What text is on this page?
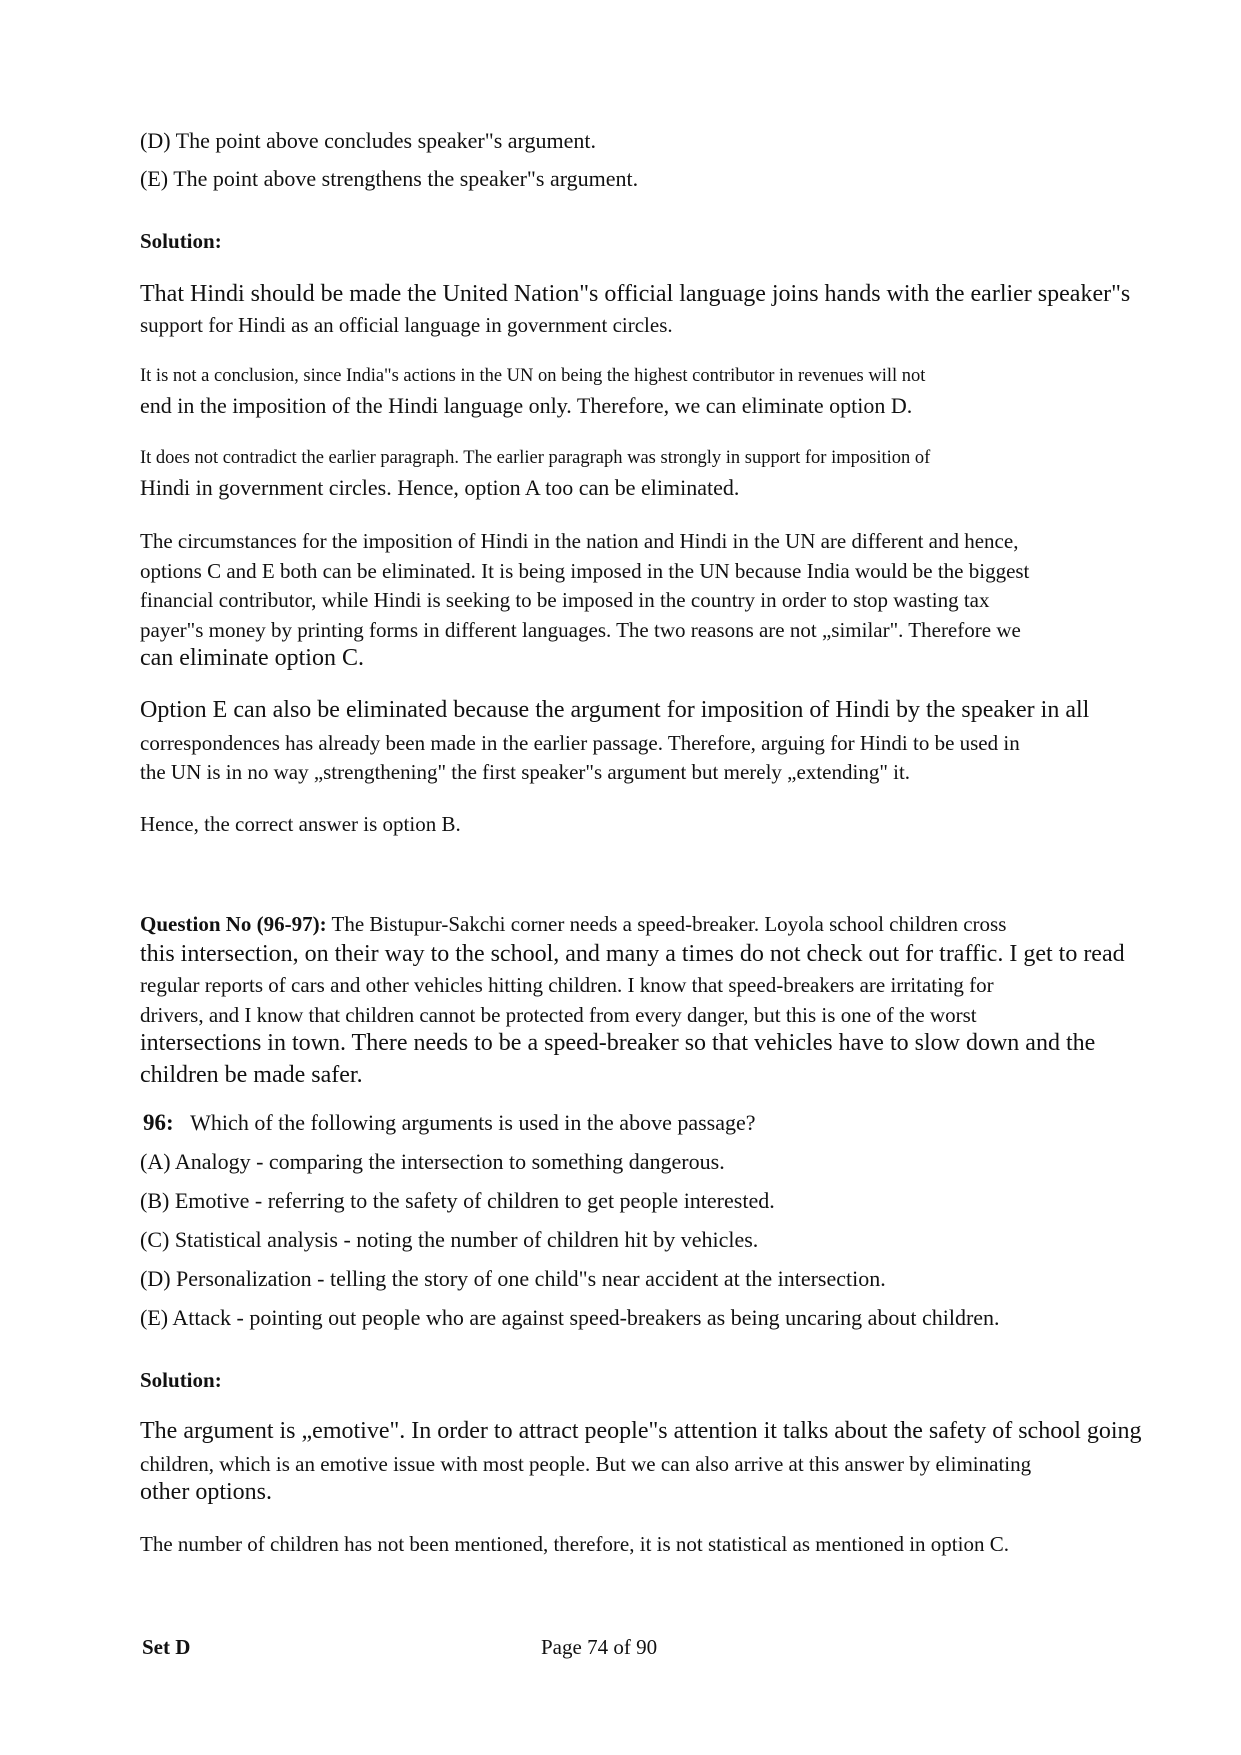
(D) The point above concludes speaker"s argument.
(E) The point above strengthens the speaker"s argument.
Solution:
That Hindi should be made the United Nation"s official language joins hands with the earlier speaker"s
support for Hindi as an official language in government circles.
It is not a conclusion, since India"s actions in the UN on being the highest contributor in revenues will not
end in the imposition of the Hindi language only. Therefore, we can eliminate option D.
It does not contradict the earlier paragraph. The earlier paragraph was strongly in support for imposition of
Hindi in government circles. Hence, option A too can be eliminated.
The circumstances for the imposition of Hindi in the nation and Hindi in the UN are different and hence,
options C and E both can be eliminated. It is being imposed in the UN because India would be the biggest
financial contributor, while Hindi is seeking to be imposed in the country in order to stop wasting tax
payer"s money by printing forms in different languages. The two reasons are not „similar". Therefore we
can eliminate option C.
Option E can also be eliminated because the argument for imposition of Hindi by the speaker in all
correspondences has already been made in the earlier passage. Therefore, arguing for Hindi to be used in
the UN is in no way „strengthening" the first speaker"s argument but merely „extending" it.
Hence, the correct answer is option B.
Question No (96-97): The Bistupur-Sakchi corner needs a speed-breaker. Loyola school children cross
this intersection, on their way to the school, and many a times do not check out for traffic. I get to read
regular reports of cars and other vehicles hitting children. I know that speed-breakers are irritating for
drivers, and I know that children cannot be protected from every danger, but this is one of the worst
intersections in town. There needs to be a speed-breaker so that vehicles have to slow down and the
children be made safer.
96: Which of the following arguments is used in the above passage?
(A) Analogy - comparing the intersection to something dangerous.
(B) Emotive - referring to the safety of children to get people interested.
(C) Statistical analysis - noting the number of children hit by vehicles.
(D) Personalization - telling the story of one child"s near accident at the intersection.
(E) Attack - pointing out people who are against speed-breakers as being uncaring about children.
Solution:
The argument is „emotive". In order to attract people"s attention it talks about the safety of school going
children, which is an emotive issue with most people. But we can also arrive at this answer by eliminating
other options.
The number of children has not been mentioned, therefore, it is not statistical as mentioned in option C.
Set D	Page 74 of 90
